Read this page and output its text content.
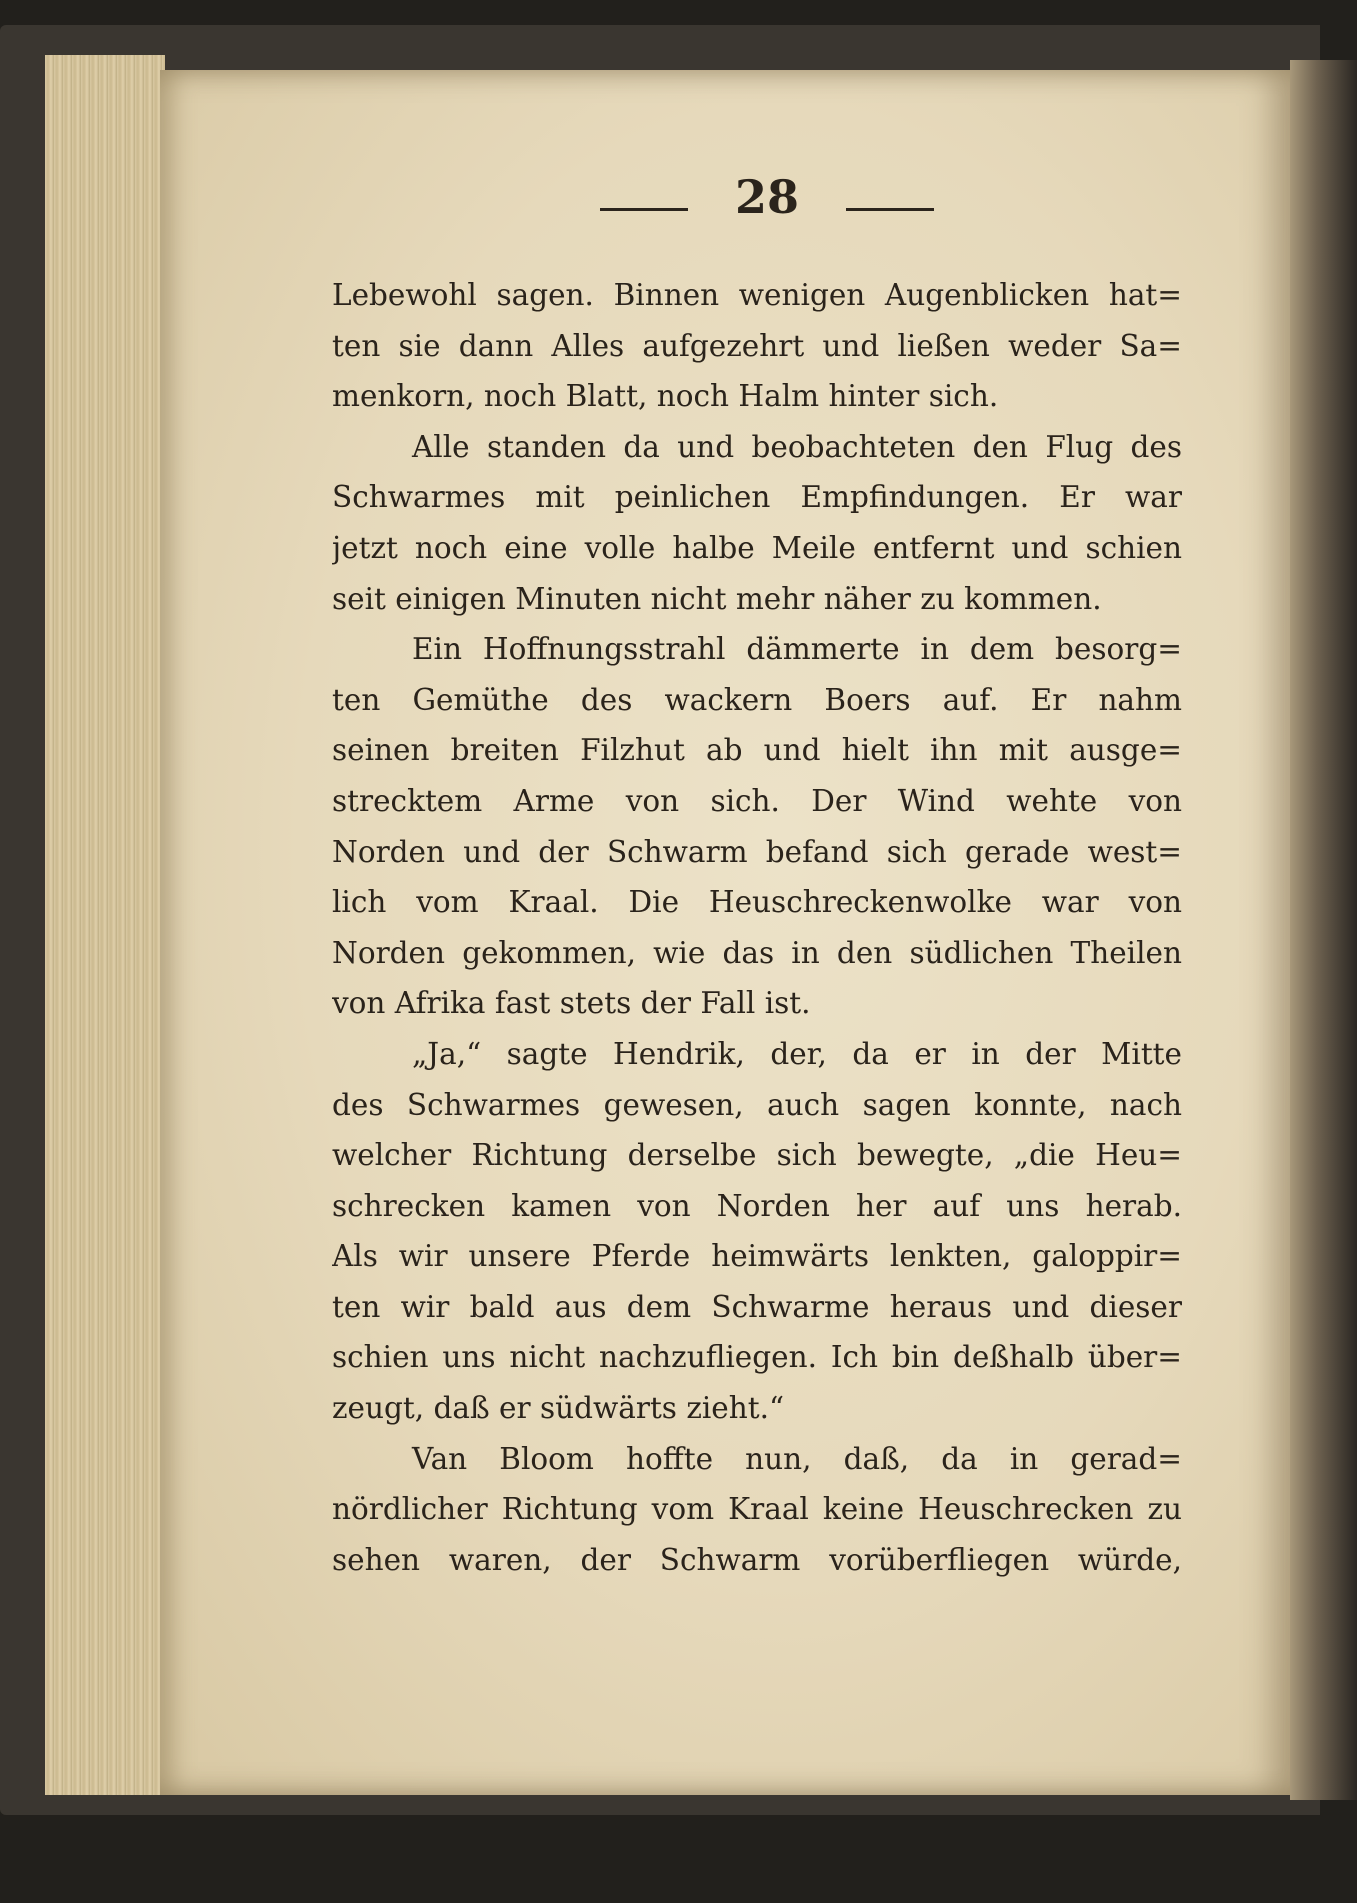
28
Lebewohl sagen. Binnen wenigen Augenblicken hat=
ten sie dann Alles aufgezehrt und ließen weder Sa=
menkorn, noch Blatt, noch Halm hinter sich.
Alle standen da und beobachteten den Flug des
Schwarmes mit peinlichen Empfindungen. Er war
jetzt noch eine volle halbe Meile entfernt und schien
seit einigen Minuten nicht mehr näher zu kommen.
Ein Hoffnungsstrahl dämmerte in dem besorg=
ten Gemüthe des wackern Boers auf. Er nahm
seinen breiten Filzhut ab und hielt ihn mit ausge=
strecktem Arme von sich. Der Wind wehte von
Norden und der Schwarm befand sich gerade west=
lich vom Kraal. Die Heuschreckenwolke war von
Norden gekommen, wie das in den südlichen Theilen
von Afrika fast stets der Fall ist.
„Ja,“ sagte Hendrik, der, da er in der Mitte
des Schwarmes gewesen, auch sagen konnte, nach
welcher Richtung derselbe sich bewegte, „die Heu=
schrecken kamen von Norden her auf uns herab.
Als wir unsere Pferde heimwärts lenkten, galoppir=
ten wir bald aus dem Schwarme heraus und dieser
schien uns nicht nachzufliegen. Ich bin deßhalb über=
zeugt, daß er südwärts zieht.“
Van Bloom hoffte nun, daß, da in gerad=
nördlicher Richtung vom Kraal keine Heuschrecken zu
sehen waren, der Schwarm vorüberfliegen würde,
